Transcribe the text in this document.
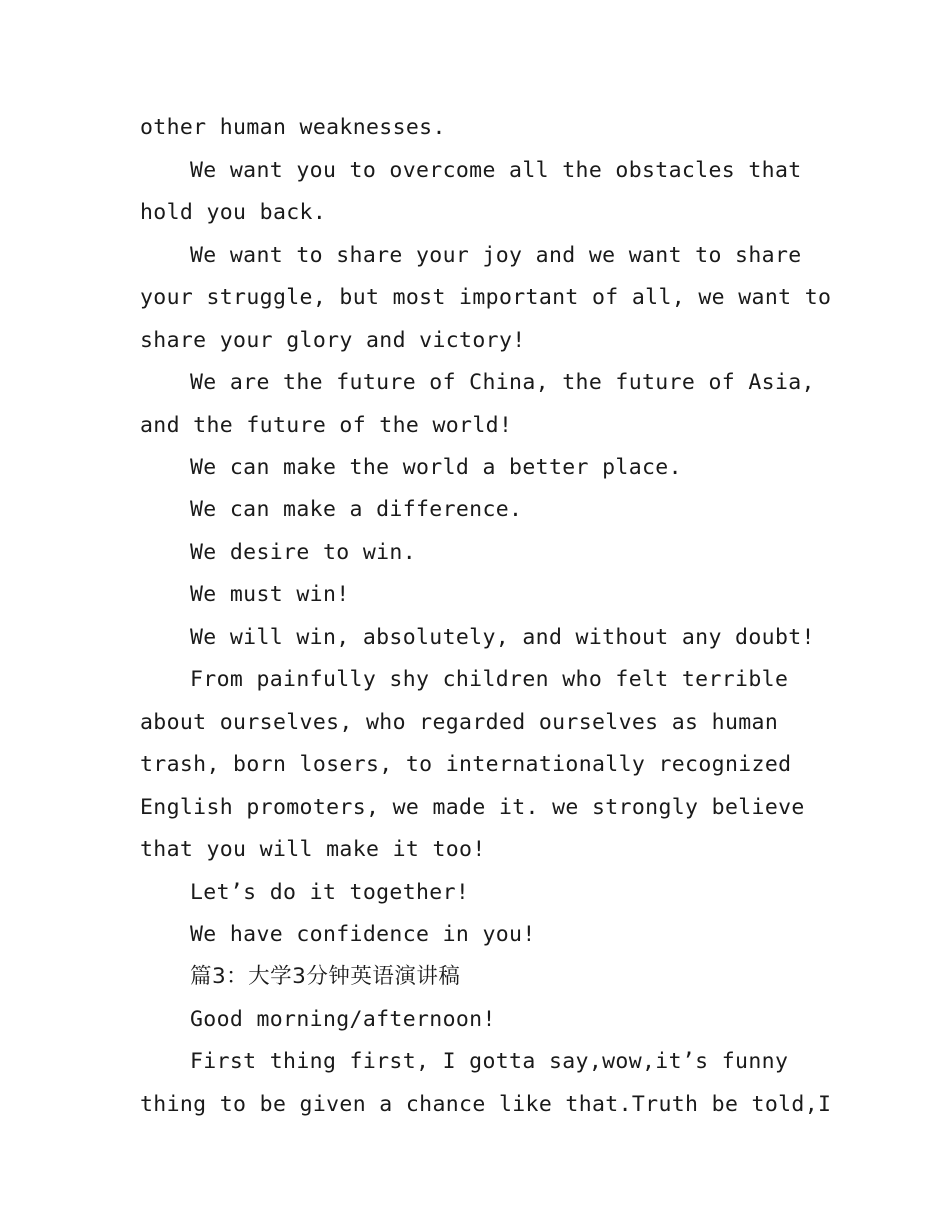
other human weaknesses.
We want you to overcome all the obstacles that
hold you back.
We want to share your joy and we want to share
your struggle, but most important of all, we want to
share your glory and victory!
We are the future of China, the future of Asia,
and the future of the world!
We can make the world a better place.
We can make a difference.
We desire to win.
We must win!
We will win, absolutely, and without any doubt!
From painfully shy children who felt terrible
about ourselves, who regarded ourselves as human
trash, born losers, to internationally recognized
English promoters, we made it. we strongly believe
that you will make it too!
Let’s do it together!
We have confidence in you!
篇3：大学3分钟英语演讲稿
Good morning/afternoon!
First thing first, I gotta say,wow,it’s funny
thing to be given a chance like that.Truth be told,I
